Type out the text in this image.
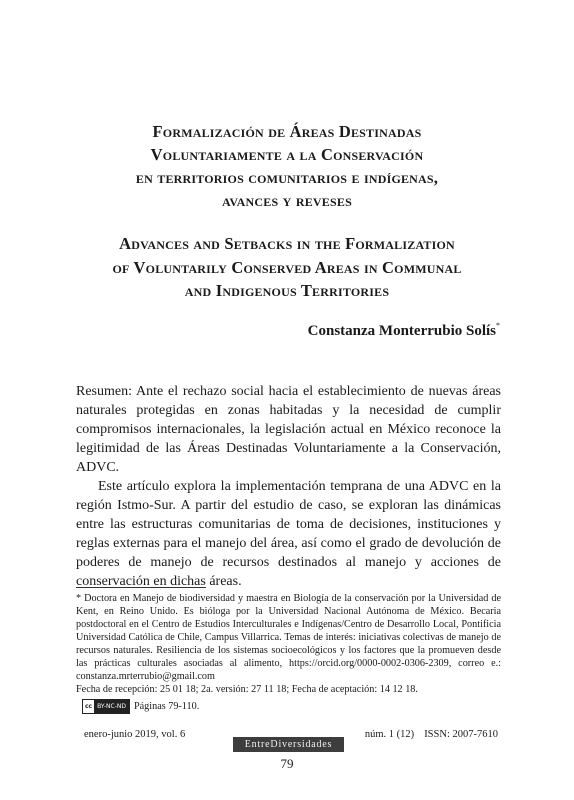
Formalización de Áreas Destinadas
Voluntariamente a la Conservación
en territorios comunitarios e indígenas,
avances y reveses
Advances and Setbacks in the Formalization
of Voluntarily Conserved Areas in Communal
and Indigenous Territories
Constanza Monterrubio Solís*

Resumen: Ante el rechazo social hacia el establecimiento de nuevas áreas naturales protegidas en zonas habitadas y la necesidad de cumplir compromisos internacionales, la legislación actual en México reconoce la legitimidad de las Áreas Destinadas Voluntariamente a la Conservación, ADVC.

Este artículo explora la implementación temprana de una ADVC en la región Istmo-Sur. A partir del estudio de caso, se exploran las dinámicas entre las estructuras comunitarias de toma de decisiones, instituciones y reglas externas para el manejo del área, así como el grado de devolución de poderes de manejo de recursos destinados al manejo y acciones de conservación en dichas áreas.

* Doctora en Manejo de biodiversidad y maestra en Biología de la conservación por la Universidad de Kent, en Reino Unido. Es bióloga por la Universidad Nacional Autónoma de México. Becaria postdoctoral en el Centro de Estudios Interculturales e Indígenas/Centro de Desarrollo Local, Pontificia Universidad Católica de Chile, Campus Villarrica. Temas de interés: iniciativas colectivas de manejo de recursos naturales. Resiliencia de los sistemas socioecológicos y los factores que la promueven desde las prácticas culturales asociadas al alimento, https://orcid.org/0000-0002-0306-2309, correo e.: constanza.mrterrubio@gmail.com

Fecha de recepción: 25 01 18; 2a. versión: 27 11 18; Fecha de aceptación: 14 12 18.

cc BY-NC-ND Páginas 79-110.
enero-junio 2019, vol. 6	núm. 1 (12) ISSN: 2007-7610
EntreDiversidades
79
